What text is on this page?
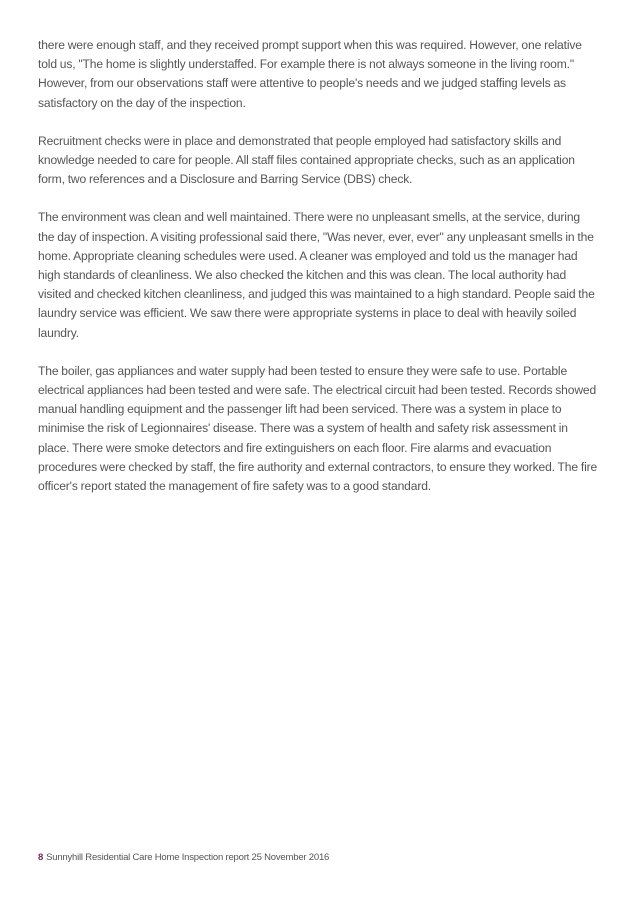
there were enough staff, and they received prompt support when this was required. However, one relative told us, "The home is slightly understaffed. For example there is not always someone in the living room." However, from our observations staff were attentive to people's needs and we judged staffing levels as satisfactory on the day of the inspection.

Recruitment checks were in place and demonstrated that people employed had satisfactory skills and knowledge needed to care for people. All staff files contained appropriate checks, such as an application form, two references and a Disclosure and Barring Service (DBS) check.

The environment was clean and well maintained. There were no unpleasant smells, at the service, during the day of inspection. A visiting professional said there, "Was never, ever, ever" any unpleasant smells in the home. Appropriate cleaning schedules were used. A cleaner was employed and told us the manager had high standards of cleanliness. We also checked the kitchen and this was clean. The local authority had visited and checked kitchen cleanliness, and judged this was maintained to a high standard. People said the laundry service was efficient. We saw there were appropriate systems in place to deal with heavily soiled laundry.

The boiler, gas appliances and water supply had been tested to ensure they were safe to use. Portable electrical appliances had been tested and were safe. The electrical circuit had been tested. Records showed manual handling equipment and the passenger lift had been serviced. There was a system in place to minimise the risk of Legionnaires' disease. There was a system of health and safety risk assessment in place. There were smoke detectors and fire extinguishers on each floor. Fire alarms and evacuation procedures were checked by staff, the fire authority and external contractors, to ensure they worked. The fire officer's report stated the management of fire safety was to a good standard.

8 Sunnyhill Residential Care Home Inspection report 25 November 2016
